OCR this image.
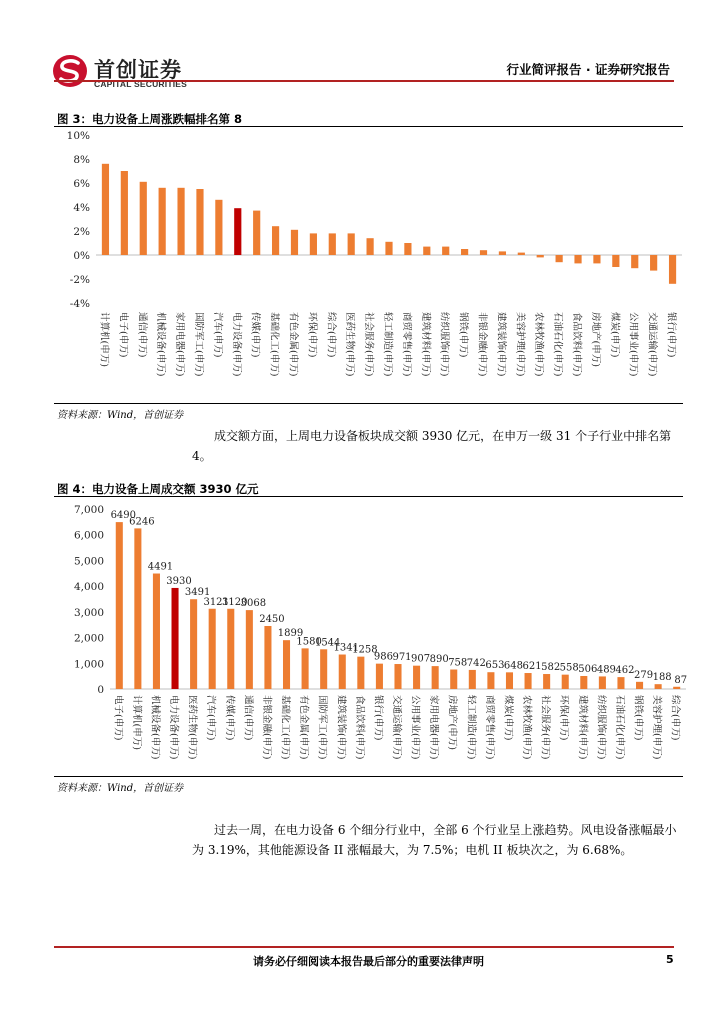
首创证券
CAPITAL SECURITIES
行业简评报告 · 证券研究报告
图 3：电力设备上周涨跌幅排名第 8
10%
8%
6%
4%
2%
0%
-2%
-4%
计算机(申万) 电子(申万) 通信(申万) 机械设备(申万) 家用电器(申万) 国防军工(申万) 汽车(申万) 电力设备(申万) 传媒(申万) 基础化工(申万) 有色金属(申万) 环保(申万) 综合(申万) 医药生物(申万) 社会服务(申万) 轻工制造(申万) 商贸零售(申万) 建筑材料(申万) 纺织服饰(申万) 钢铁(申万) 非银金融(申万) 建筑装饰(申万) 美容护理(申万) 农林牧渔(申万) 石油石化(申万) 食品饮料(申万) 房地产(申万) 煤炭(申万) 公用事业(申万) 交通运输(申万) 银行(申万)
资料来源：Wind，首创证券
成交额方面，上周电力设备板块成交额 3930 亿元，在申万一级 31 个子行业中排名第 4。
图 4：电力设备上周成交额 3930 亿元
7,000
6,000
5,000
4,000
3,000
2,000
1,000
0
6490
电子(申万)
6246
计算机(申万)
4491
机械设备(申万)
3930
电力设备(申万)
3491
医药生物(申万)
3121
汽车(申万)
3120
传媒(申万)
3068
通信(申万)
2450
非银金融(申万)
1899
基础化工(申万)
1580
有色金属(申万)
1544
国防军工(申万)
1341
建筑装饰(申万)
1258
食品饮料(申万)
986
银行(申万)
971
交通运输(申万)
907
公用事业(申万)
890
家用电器(申万)
758
房地产(申万)
742
轻工制造(申万)
653
商贸零售(申万)
648
煤炭(申万)
621
农林牧渔(申万)
582
社会服务(申万)
558
环保(申万)
506
建筑材料(申万)
489
纺织服饰(申万)
462
石油石化(申万)
279
钢铁(申万)
188
美容护理(申万)
87
综合(申万)
资料来源：Wind，首创证券
过去一周，在电力设备 6 个细分行业中，全部 6 个行业呈上涨趋势。风电设备涨幅最小为 3.19%，其他能源设备 II 涨幅最大，为 7.5%；电机 II 板块次之，为 6.68%。
请务必仔细阅读本报告最后部分的重要法律声明	5
